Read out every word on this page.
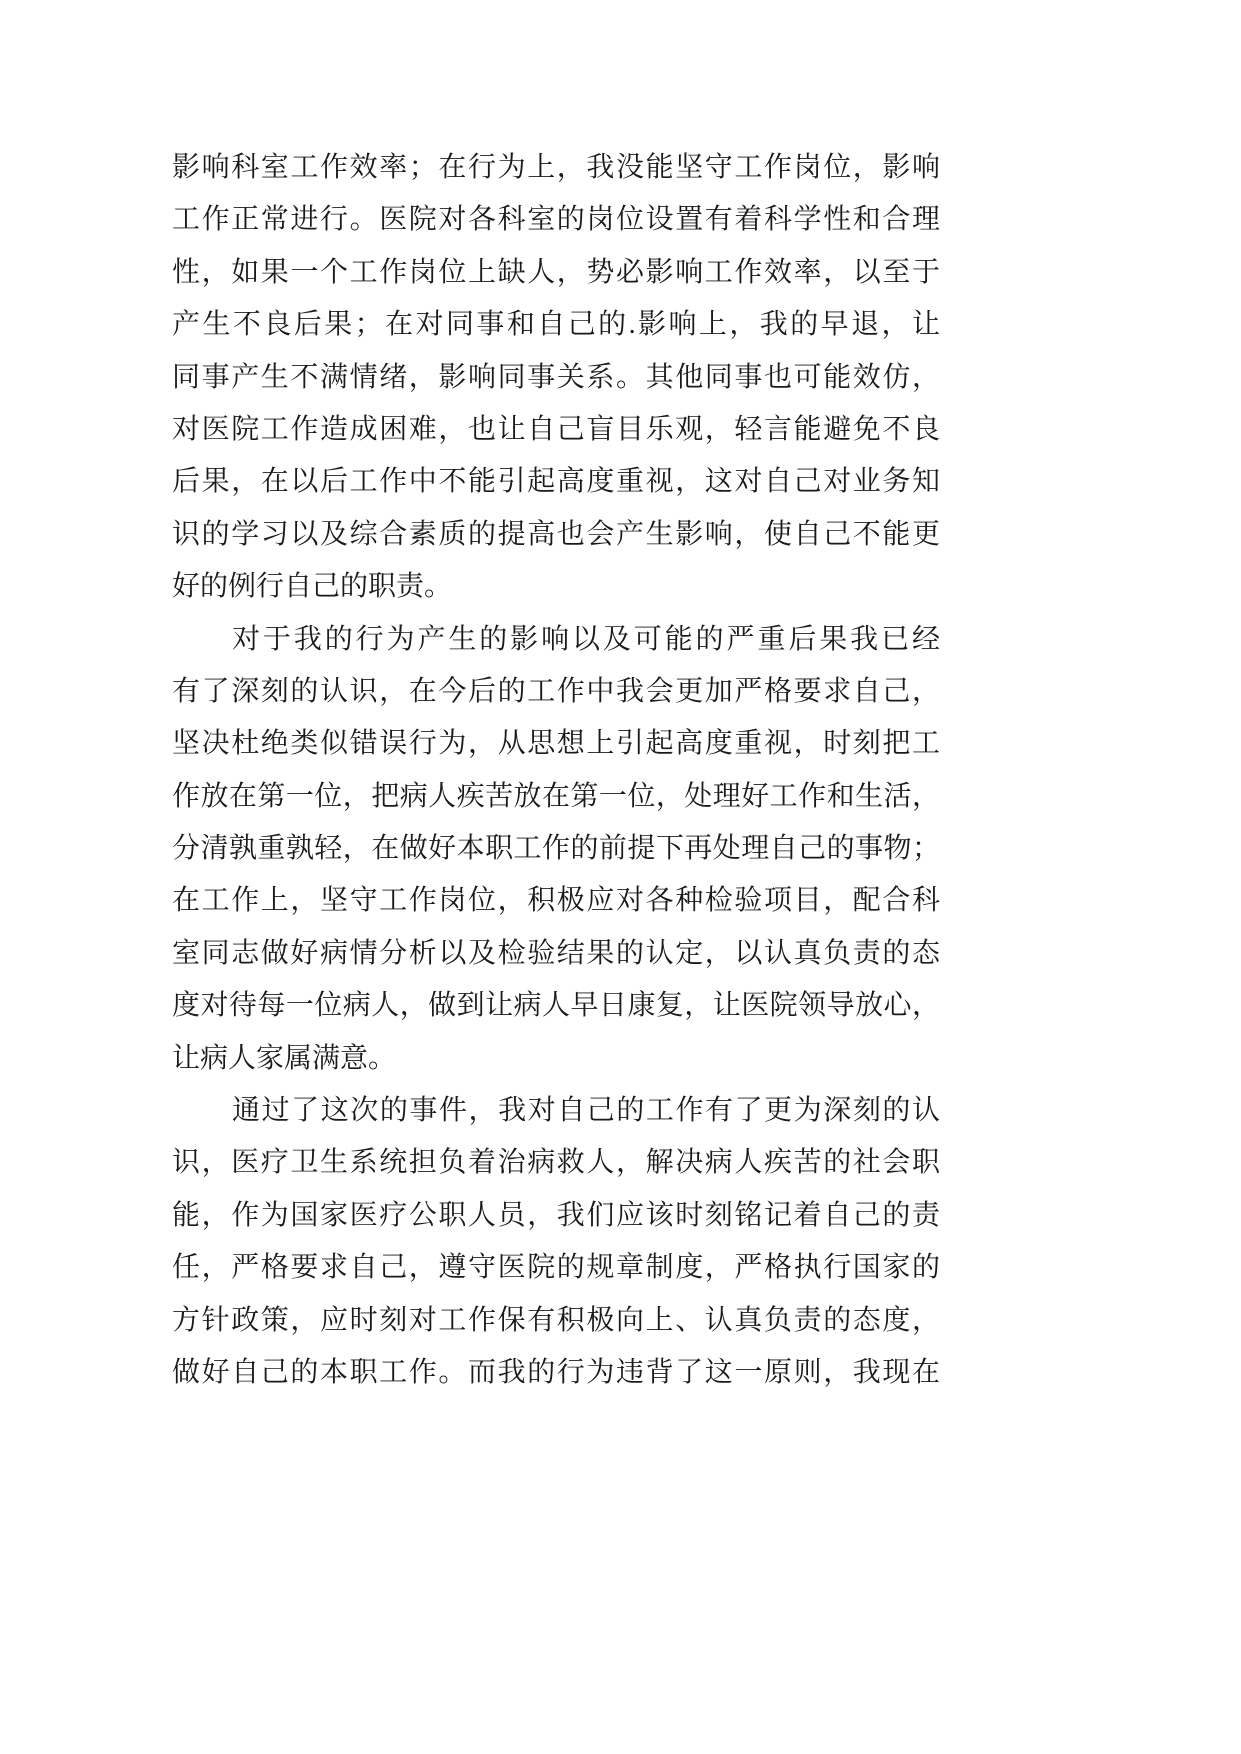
影响科室工作效率；在行为上，我没能坚守工作岗位，影响
工作正常进行。医院对各科室的岗位设置有着科学性和合理
性，如果一个工作岗位上缺人，势必影响工作效率，以至于
产生不良后果；在对同事和自己的.影响上，我的早退，让
同事产生不满情绪，影响同事关系。其他同事也可能效仿，
对医院工作造成困难，也让自己盲目乐观，轻言能避免不良
后果，在以后工作中不能引起高度重视，这对自己对业务知
识的学习以及综合素质的提高也会产生影响，使自己不能更
好的例行自己的职责。
对于我的行为产生的影响以及可能的严重后果我已经
有了深刻的认识，在今后的工作中我会更加严格要求自己，
坚决杜绝类似错误行为，从思想上引起高度重视，时刻把工
作放在第一位，把病人疾苦放在第一位，处理好工作和生活，
分清孰重孰轻，在做好本职工作的前提下再处理自己的事物；
在工作上，坚守工作岗位，积极应对各种检验项目，配合科
室同志做好病情分析以及检验结果的认定，以认真负责的态
度对待每一位病人，做到让病人早日康复，让医院领导放心，
让病人家属满意。
通过了这次的事件，我对自己的工作有了更为深刻的认
识，医疗卫生系统担负着治病救人，解决病人疾苦的社会职
能，作为国家医疗公职人员，我们应该时刻铭记着自己的责
任，严格要求自己，遵守医院的规章制度，严格执行国家的
方针政策，应时刻对工作保有积极向上、认真负责的态度，
做好自己的本职工作。而我的行为违背了这一原则，我现在
